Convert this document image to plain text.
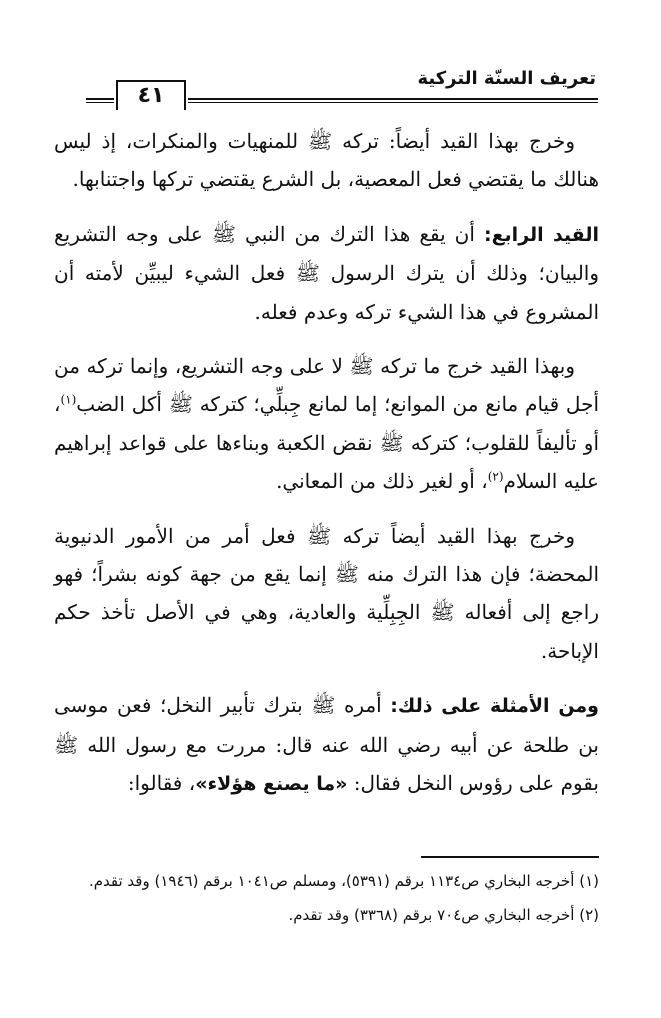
تعريف السنّة التركية
٤١

وخرج بهذا القيد أيضاً: تركه ﷺ للمنهيات والمنكرات، إذ ليس هنالك ما يقتضي فعل المعصية، بل الشرع يقتضي تركها واجتنابها.

القيد الرابع: أن يقع هذا الترك من النبي ﷺ على وجه التشريع والبيان؛ وذلك أن يترك الرسول ﷺ فعل الشيء ليبيِّن لأمته أن المشروع في هذا الشيء تركه وعدم فعله.

وبهذا القيد خرج ما تركه ﷺ لا على وجه التشريع، وإنما تركه من أجل قيام مانع من الموانع؛ إما لمانع جِبلِّي؛ كتركه ﷺ أكل الضب$^{(١)}$، أو تأليفاً للقلوب؛ كتركه ﷺ نقض الكعبة وبناءها على قواعد إبراهيم عليه السلام$^{(٢)}$، أو لغير ذلك من المعاني.

وخرج بهذا القيد أيضاً تركه ﷺ فعل أمر من الأمور الدنيوية المحضة؛ فإن هذا الترك منه ﷺ إنما يقع من جهة كونه بشراً؛ فهو راجع إلى أفعاله ﷺ الجِبِلِّية والعادية، وهي في الأصل تأخذ حكم الإباحة.

ومن الأمثلة على ذلك: أمره ﷺ بترك تأبير النخل؛ فعن موسى بن طلحة عن أبيه رضي الله عنه قال: مررت مع رسول الله ﷺ بقوم على رؤوس النخل فقال: «ما يصنع هؤلاء»، فقالوا:

(١) أخرجه البخاري ص١١٣٤ برقم (٥٣٩١)، ومسلم ص١٠٤١ برقم (١٩٤٦) وقد تقدم.

(٢) أخرجه البخاري ص٧٠٤ برقم (٣٣٦٨) وقد تقدم.
